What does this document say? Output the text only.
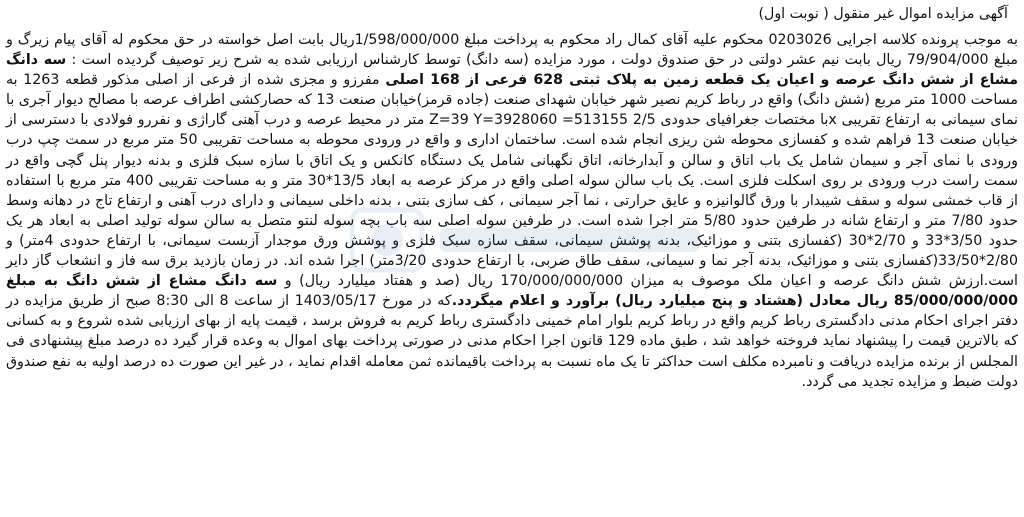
آگهی مزایده اموال غیر منقول ( نوبت اول)

به موجب پرونده کلاسه اجرایی 0203026 محکوم علیه آقای کمال راد محکوم به پرداخت مبلغ 1/598/000/000ریال بابت اصل خواسته در حق محکوم له آقای پیام زیرگ و مبلغ 79/904/000 ریال بابت نیم عشر دولتی در حق صندوق دولت ، مورد مزایده (سه دانگ) توسط کارشناس ارزیابی شده به شرح زیر توصیف گردیده است : سه دانگ مشاع از شش دانگ عرصه و اعیان یک قطعه زمین به پلاک ثبتی 628 فرعی از 168 اصلی مفرزو و مجزی شده از فرعی از اصلی مذکور قطعه 1263 به مساحت 1000 متر مربع (شش دانگ) واقع در رباط کریم نصیر شهر خیابان شهدای صنعت (جاده قرمز)خیابان صنعت 13 که حصارکشی اطراف عرصه با مصالح دیوار آجری با نمای سیمانی به ارتفاع تقریبی xبا مختصات جغرافیای حدودی Z=39 Y=3928060 =513155 2/5 متر در محیط عرصه و درب آهنی گاراژی و نفررو فولادی با دسترسی از خیابان صنعت 13 فراهم شده و کفسازی محوطه شن ریزی انجام شده است. ساختمان اداری و واقع در ورودی محوطه به مساحت تقریبی 50 متر مربع در سمت چپ درب ورودی با نمای آجر و سیمان شامل یک باب اتاق و سالن و آبدارخانه، اتاق نگهبانی شامل یک دستگاه کانکس و یک اتاق با سازه سبک فلزی و بدنه دیوار پنل گچی واقع در سمت راست درب ورودی بر روی اسکلت فلزی است. یک باب سالن سوله اصلی واقع در مرکز عرصه به ابعاد 13/5*30 متر و به مساحت تقریبی 400 متر مربع با استفاده از قاب خمشی سوله و سقف شیبدار با ورق گالوانیزه و عایق حرارتی ، نما آجر سیمانی ، کف سازی بتنی ، بدنه داخلی سیمانی و دارای درب آهنی و ارتفاع تاج در دهانه وسط حدود 7/80 متر و ارتفاع شانه در طرفین حدود 5/80 متر اجرا شده است. در طرفین سوله اصلی سه باب بچه سوله لنتو متصل به سالن سوله تولید اصلی به ابعاد هر یک حدود 3/50*33 و 2/70*30 (کفسازی بتنی و موزائیک، بدنه پوشش سیمانی، سقف سازه سبک فلزی و پوشش ورق موجدار آزبست سیمانی، با ارتفاع حدودی 4متر) و 2/80*33/50(کفسازی بتنی و موزائیک، بدنه آجر نما و سیمانی، سقف طاق ضربی، با ارتفاع حدودی 3/20متر) اجرا شده اند. در زمان بازدید برق سه فاز و انشعاب گاز دایر است.ارزش شش دانگ عرصه و اعیان ملک موصوف به میزان 170/000/000/000 ریال (صد و هفتاد میلیارد ریال) و سه دانگ مشاع از شش دانگ به مبلغ 85/000/000/000 ریال معادل (هشتاد و پنج میلیارد ریال) برآورد و اعلام میگردد.که در مورخ 1403/05/17 از ساعت 8 الی 8:30 صبح از طریق مزایده در دفتر اجرای احکام مدنی دادگستری رباط کریم واقع در رباط کریم بلوار امام خمینی دادگستری رباط کریم به فروش برسد ، قیمت پایه از بهای ارزیابی شده شروع و به کسانی که بالاترین قیمت را پیشنهاد نماید فروخته خواهد شد ، طبق ماده 129 قانون اجرا احکام مدنی در صورتی پرداخت بهای اموال به وعده قرار گیرد ده درصد مبلغ پیشنهادی فی المجلس از برنده مزایده دریافت و نامبرده مکلف است حداکثر تا یک ماه نسبت به پرداخت باقیمانده ثمن معامله اقدام نماید ، در غیر این صورت ده درصد اولیه به نفع صندوق دولت ضبط و مزایده تجدید می گردد.
